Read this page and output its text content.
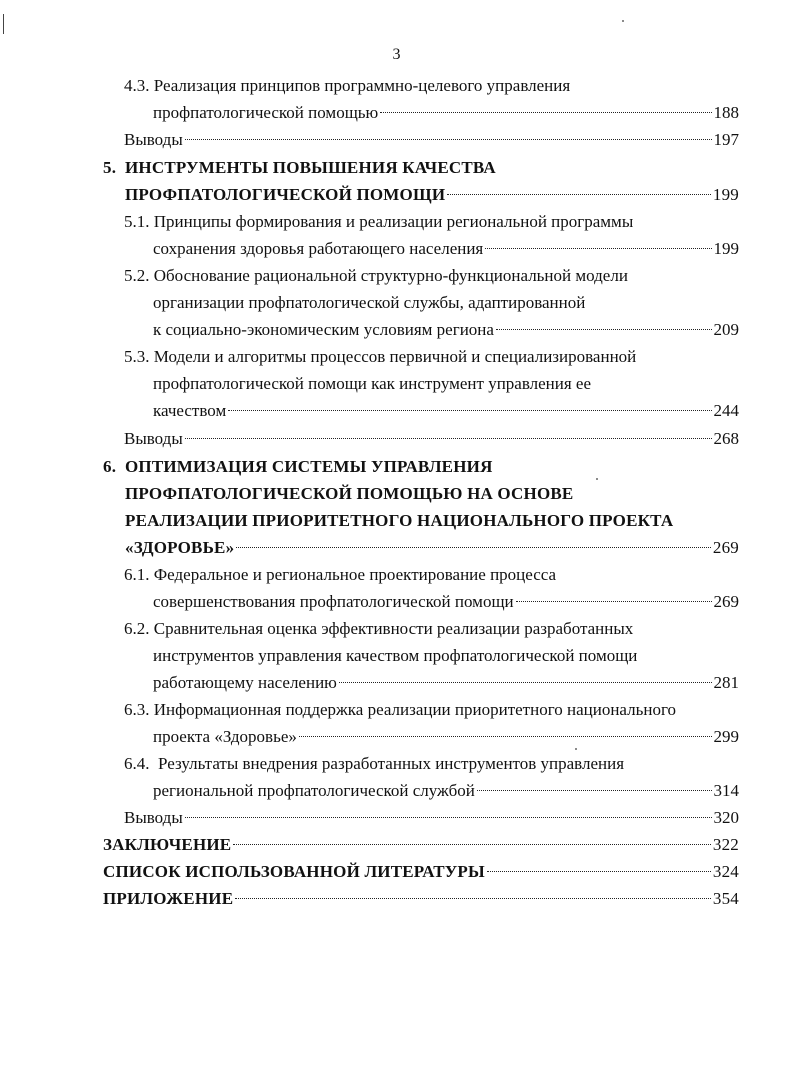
3
4.3. Реализация принципов программно-целевого управления
профпатологической помощью	188
Выводы	197
5. ИНСТРУМЕНТЫ ПОВЫШЕНИЯ КАЧЕСТВА
ПРОФПАТОЛОГИЧЕСКОЙ ПОМОЩИ	199
5.1. Принципы формирования и реализации региональной программы
сохранения здоровья работающего населения	199
5.2. Обоснование рациональной структурно-функциональной модели
организации профпатологической службы, адаптированной
к социально-экономическим условиям региона	209
5.3. Модели и алгоритмы процессов первичной и специализированной
профпатологической помощи как инструмент управления ее
качеством	244
Выводы	268
6. ОПТИМИЗАЦИЯ СИСТЕМЫ УПРАВЛЕНИЯ
ПРОФПАТОЛОГИЧЕСКОЙ ПОМОЩЬЮ НА ОСНОВЕ
РЕАЛИЗАЦИИ ПРИОРИТЕТНОГО НАЦИОНАЛЬНОГО ПРОЕКТА
«ЗДОРОВЬЕ»	269
6.1. Федеральное и региональное проектирование процесса
совершенствования профпатологической помощи	269
6.2. Сравнительная оценка эффективности реализации разработанных
инструментов управления качеством профпатологической помощи
работающему населению	281
6.3. Информационная поддержка реализации приоритетного национального
проекта «Здоровье»	299
6.4.  Результаты внедрения разработанных инструментов управления
региональной профпатологической службой	314
Выводы	320
ЗАКЛЮЧЕНИЕ	322
СПИСОК ИСПОЛЬЗОВАННОЙ ЛИТЕРАТУРЫ	324
ПРИЛОЖЕНИЕ	354
